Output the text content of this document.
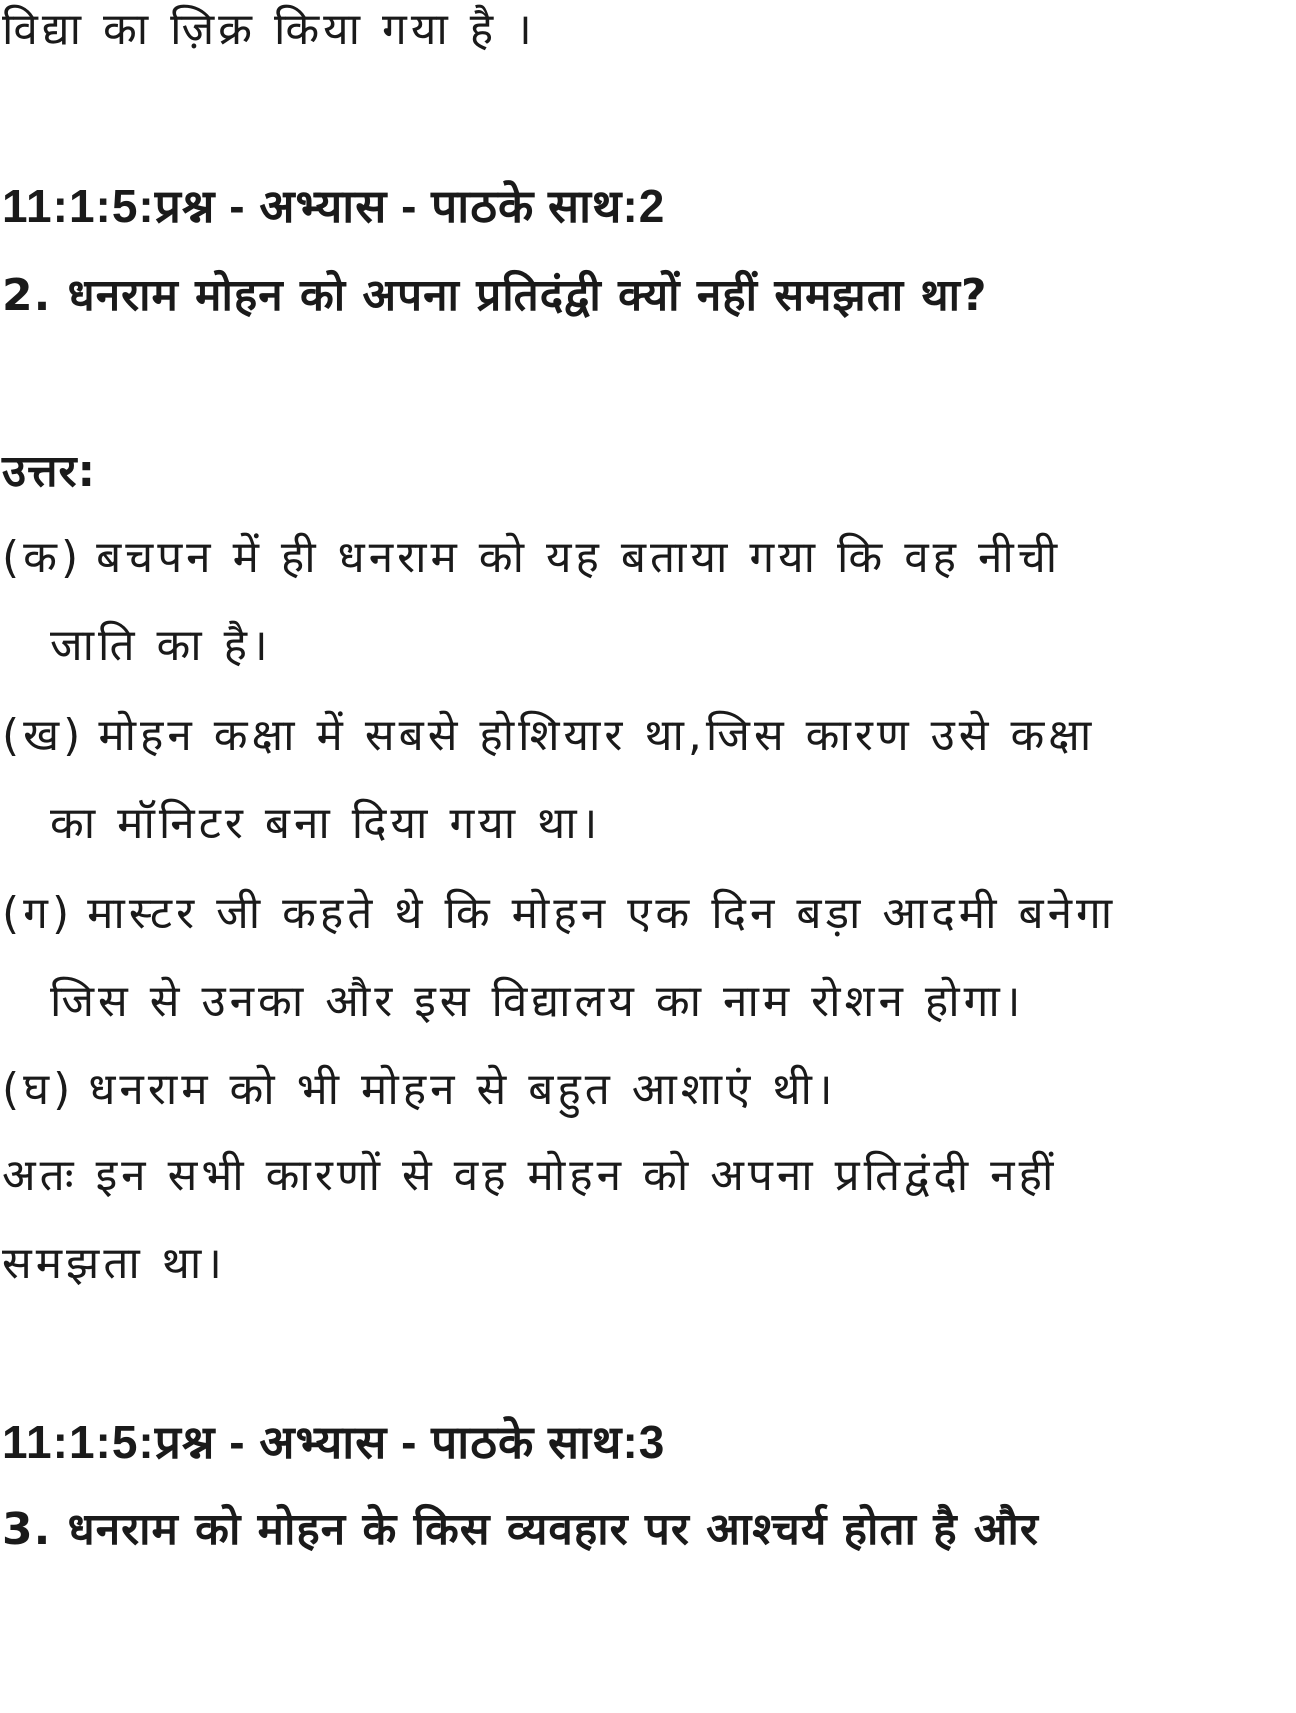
विद्या का ज़िक्र किया गया है ।
11:1:5:प्रश्न - अभ्यास - पाठके साथ:2
2. धनराम मोहन को अपना प्रतिदंद्वी क्यों नहीं समझता था?
उत्तर:
(क) बचपन में ही धनराम को यह बताया गया कि वह नीची
जाति का है।
(ख) मोहन कक्षा में सबसे होशियार था,जिस कारण उसे कक्षा
का मॉनिटर बना दिया गया था।
(ग) मास्टर जी कहते थे कि मोहन एक दिन बड़ा आदमी बनेगा
जिस से उनका और इस विद्यालय का नाम रोशन होगा।
(घ) धनराम को भी मोहन से बहुत आशाएं थी।
अतः इन सभी कारणों से वह मोहन को अपना प्रतिद्वंदी नहीं
समझता था।
11:1:5:प्रश्न - अभ्यास - पाठके साथ:3
3. धनराम को मोहन के किस व्यवहार पर आश्चर्य होता है और
